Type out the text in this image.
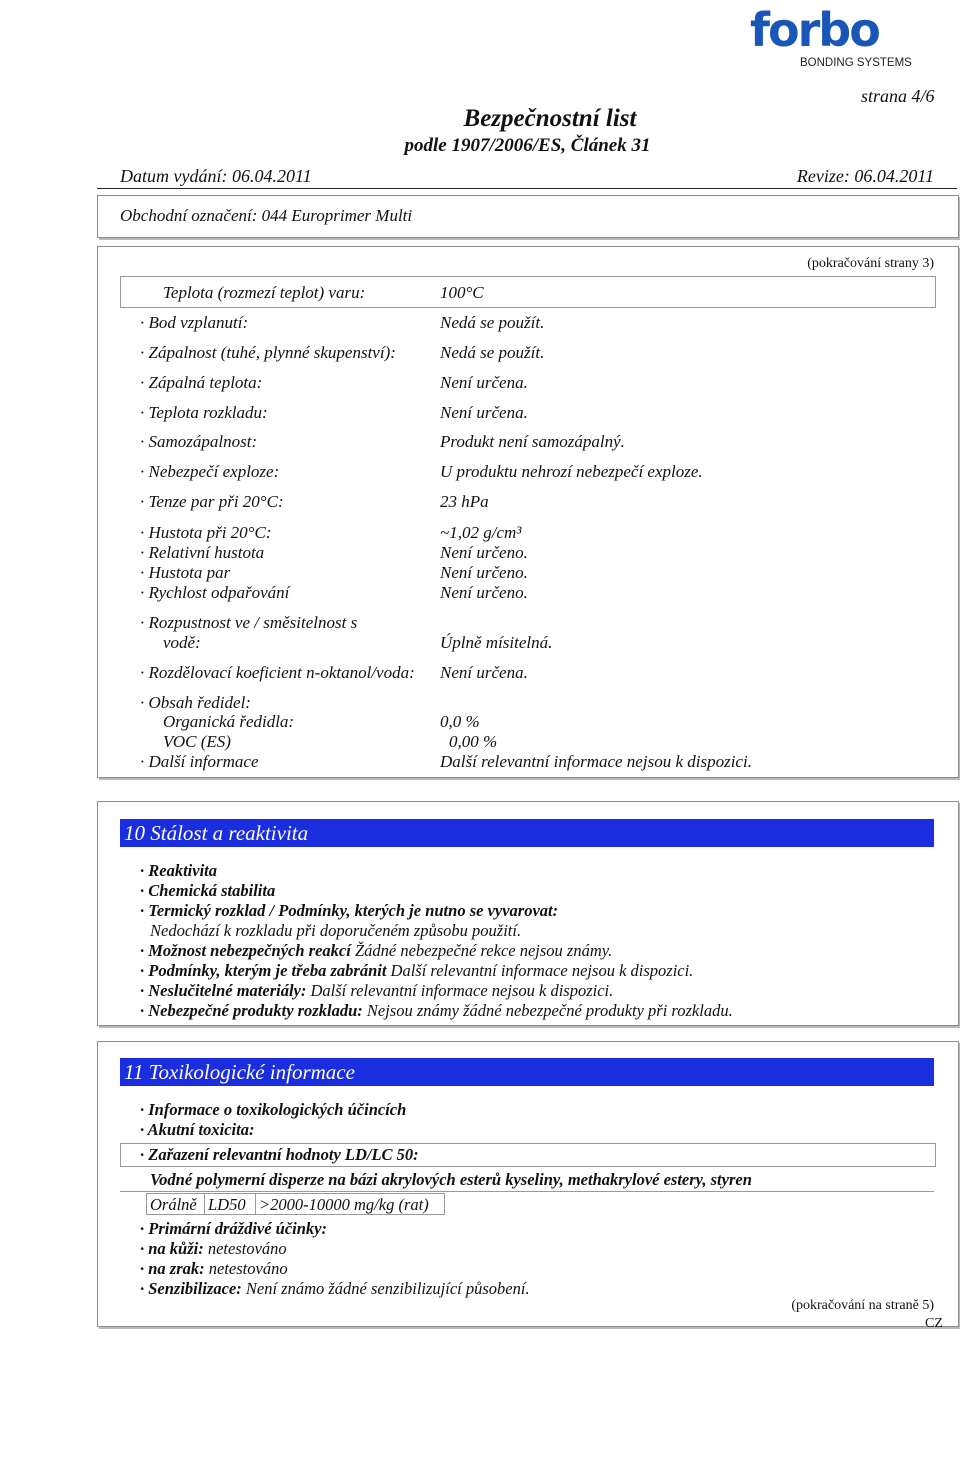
forbo
BONDING SYSTEMS
strana 4/6
Bezpečnostní list
podle 1907/2006/ES, Článek 31
Datum vydání: 06.04.2011	Revize: 06.04.2011
Obchodní označení: 044 Europrimer Multi
(pokračování strany 3)
Teplota (rozmezí teplot) varu:	100°C
· Bod vzplanutí:	Nedá se použít.
· Zápalnost (tuhé, plynné skupenství):	Nedá se použít.
· Zápalná teplota:	Není určena.
· Teplota rozkladu:	Není určena.
· Samozápalnost:	Produkt není samozápalný.
· Nebezpečí exploze:	U produktu nehrozí nebezpečí exploze.
· Tenze par při 20°C:	23 hPa
· Hustota při 20°C:	~1,02 g/cm³
· Relativní hustota	Není určeno.
· Hustota par	Není určeno.
· Rychlost odpařování	Není určeno.
· Rozpustnost ve / směsitelnost s
vodě:	Úplně mísitelná.
· Rozdělovací koeficient n-oktanol/voda: Není určena.
· Obsah ředidel:
Organická ředidla:	0,0 %
VOC (ES)	0,00 %
· Další informace	Další relevantní informace nejsou k dispozici.
10 Stálost a reaktivita
· Reaktivita
· Chemická stabilita
· Termický rozklad / Podmínky, kterých je nutno se vyvarovat:
Nedochází k rozkladu při doporučeném způsobu použití.
· Možnost nebezpečných reakcí Žádné nebezpečné rekce nejsou známy.
· Podmínky, kterým je třeba zabránit Další relevantní informace nejsou k dispozici.
· Neslučitelné materiály: Další relevantní informace nejsou k dispozici.
· Nebezpečné produkty rozkladu: Nejsou známy žádné nebezpečné produkty při rozkladu.
11 Toxikologické informace
· Informace o toxikologických účincích
· Akutní toxicita:
· Zařazení relevantní hodnoty LD/LC 50:
Vodné polymerní disperze na bázi akrylových esterů kyseliny, methakrylové estery, styren
Orálně LD50 >2000-10000 mg/kg (rat)
· Primární dráždivé účinky:
· na kůži: netestováno
· na zrak: netestováno
· Senzibilizace: Není známo žádné senzibilizující působení.
(pokračování na straně 5)
CZ
